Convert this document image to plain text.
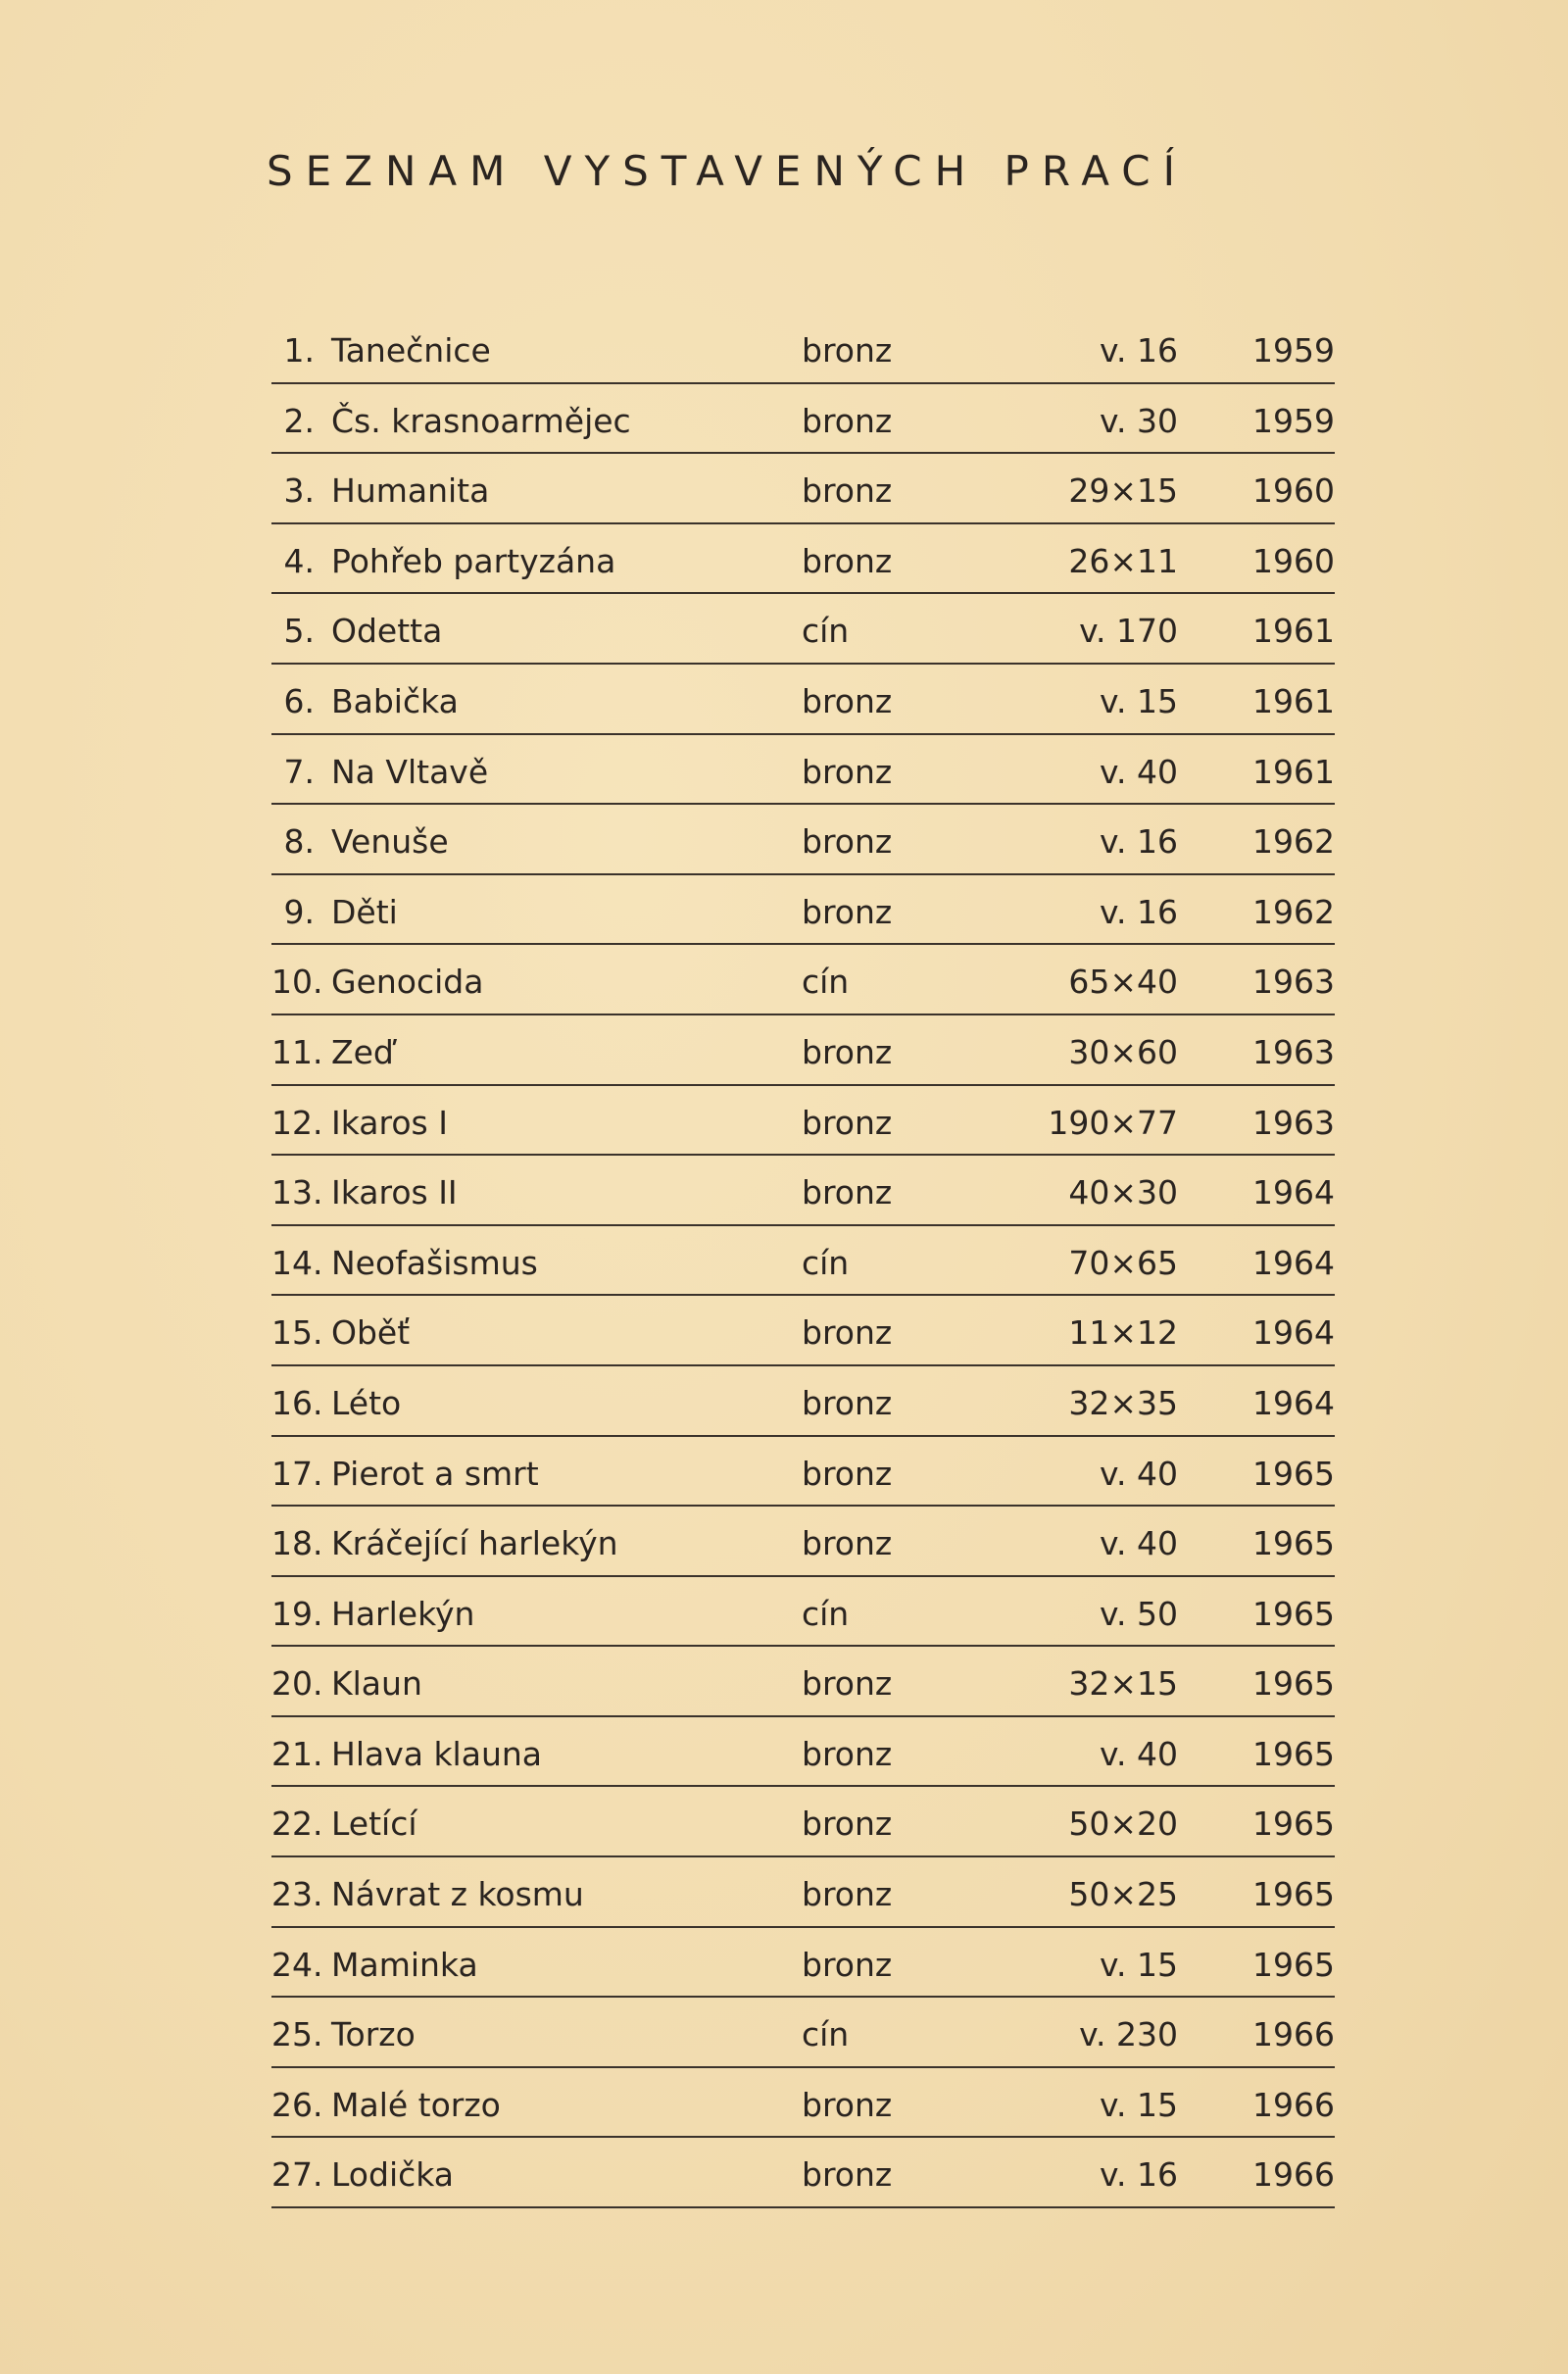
SEZNAM VYSTAVENÝCH PRACÍ
1. Tanečnice	bronz	v. 16 1959
2. Čs. krasnoarmějec	bronz	v. 30 1959
3. Humanita	bronz	29×15 1960
4. Pohřeb partyzána	bronz	26×11 1960
5. Odetta	cín	v. 170 1961
6. Babička	bronz	v. 15 1961
7. Na Vltavě	bronz	v. 40 1961
8. Venuše	bronz	v. 16 1962
9. Děti	bronz	v. 16 1962
10. Genocida	cín	65×40 1963
11. Zeď	bronz	30×60 1963
12. Ikaros I	bronz	190×77 1963
13. Ikaros II	bronz	40×30 1964
14. Neofašismus	cín	70×65 1964
15. Oběť	bronz	11×12 1964
16. Léto	bronz	32×35 1964
17. Pierot a smrt	bronz	v. 40 1965
18. Kráčející harlekýn	bronz	v. 40 1965
19. Harlekýn	cín	v. 50 1965
20. Klaun	bronz	32×15 1965
21. Hlava klauna	bronz	v. 40 1965
22. Letící	bronz	50×20 1965
23. Návrat z kosmu	bronz	50×25 1965
24. Maminka	bronz	v. 15 1965
25. Torzo	cín	v. 230 1966
26. Malé torzo	bronz	v. 15 1966
27. Lodička	bronz	v. 16 1966
